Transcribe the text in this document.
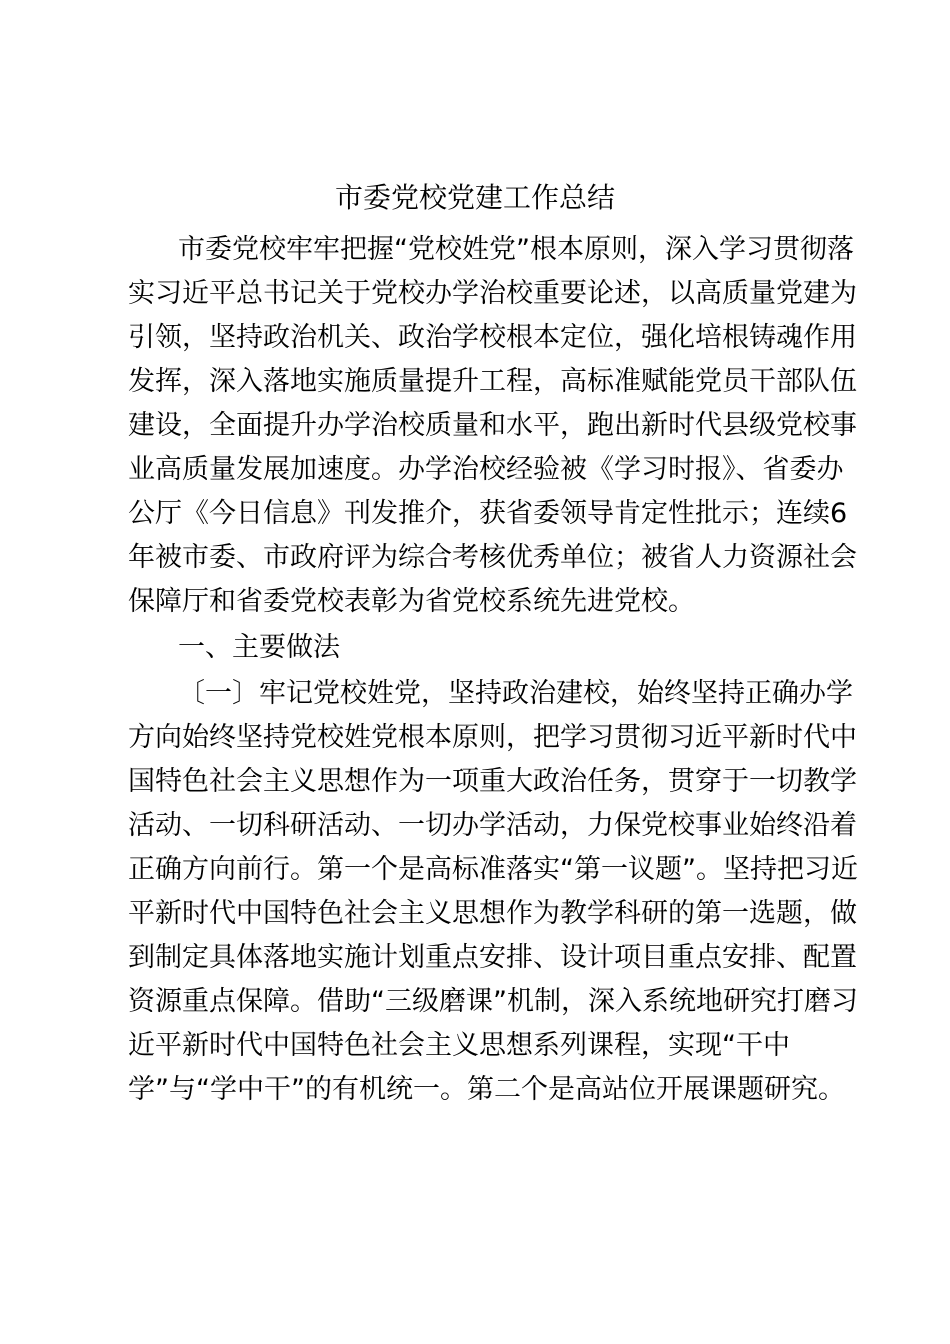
市委党校党建工作总结

市委党校牢牢把握“党校姓党”根本原则，深入学习贯彻落

实习近平总书记关于党校办学治校重要论述，以高质量党建为

引领，坚持政治机关、政治学校根本定位，强化培根铸魂作用

发挥，深入落地实施质量提升工程，高标准赋能党员干部队伍

建设，全面提升办学治校质量和水平，跑出新时代县级党校事

业高质量发展加速度。办学治校经验被《学习时报》、省委办

公厅《今日信息》刊发推介，获省委领导肯定性批示；连续6

年被市委、市政府评为综合考核优秀单位；被省人力资源社会

保障厅和省委党校表彰为省党校系统先进党校。

一、主要做法

〔一〕牢记党校姓党，坚持政治建校，始终坚持正确办学

方向始终坚持党校姓党根本原则，把学习贯彻习近平新时代中

国特色社会主义思想作为一项重大政治任务，贯穿于一切教学

活动、一切科研活动、一切办学活动，力保党校事业始终沿着

正确方向前行。第一个是高标准落实“第一议题”。坚持把习近

平新时代中国特色社会主义思想作为教学科研的第一选题，做

到制定具体落地实施计划重点安排、设计项目重点安排、配置

资源重点保障。借助“三级磨课”机制，深入系统地研究打磨习

近平新时代中国特色社会主义思想系列课程，实现“干中

学”与“学中干”的有机统一。第二个是高站位开展课题研究。
